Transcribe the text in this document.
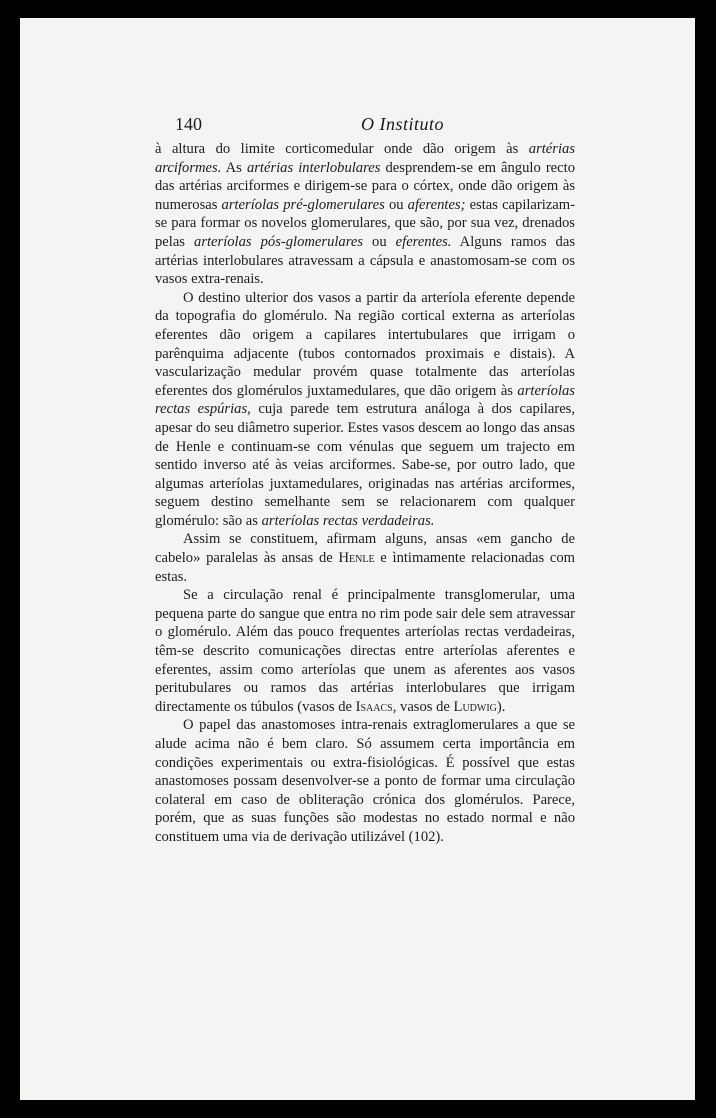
140	O Instituto

à altura do limite corticomedular onde dão origem às artérias arciformes. As artérias interlobulares desprendem-se em ângulo recto das artérias arciformes e dirigem-se para o córtex, onde dão origem às numerosas arteríolas pré-glomerulares ou aferentes; estas capilarizam-se para formar os novelos glomerulares, que são, por sua vez, drenados pelas arteríolas pós-glomerulares ou eferentes. Alguns ramos das artérias interlobulares atravessam a cápsula e anastomosam-se com os vasos extra-renais.

O destino ulterior dos vasos a partir da arteríola eferente depende da topografia do glomérulo. Na região cortical externa as arteríolas eferentes dão origem a capilares intertubulares que irrigam o parênquima adjacente (tubos contornados proximais e distais). A vascularização medular provém quase totalmente das arteríolas eferentes dos glomérulos juxtamedulares, que dão origem às arteríolas rectas espúrias, cuja parede tem estrutura análoga à dos capilares, apesar do seu diâmetro superior. Estes vasos descem ao longo das ansas de Henle e continuam-se com vénulas que seguem um trajecto em sentido inverso até às veias arciformes. Sabe-se, por outro lado, que algumas arteríolas juxtamedulares, originadas nas artérias arciformes, seguem destino semelhante sem se relacionarem com qualquer glomérulo: são as arteríolas rectas verdadeiras.

Assim se constituem, afirmam alguns, ansas «em gancho de cabelo» paralelas às ansas de Henle e ìntimamente relacionadas com estas.

Se a circulação renal é principalmente transglomerular, uma pequena parte do sangue que entra no rim pode sair dele sem atravessar o glomérulo. Além das pouco frequentes arteríolas rectas verdadeiras, têm-se descrito comunicações directas entre arteríolas aferentes e eferentes, assim como arteríolas que unem as aferentes aos vasos peritubulares ou ramos das artérias interlobulares que irrigam directamente os túbulos (vasos de Isaacs, vasos de Ludwig).

O papel das anastomoses intra-renais extraglomerulares a que se alude acima não é bem claro. Só assumem certa importância em condições experimentais ou extra-fisiológicas. É possível que estas anastomoses possam desenvolver-se a ponto de formar uma circulação colateral em caso de obliteração crónica dos glomérulos. Parece, porém, que as suas funções são modestas no estado normal e não constituem uma via de derivação utilizável (102).
